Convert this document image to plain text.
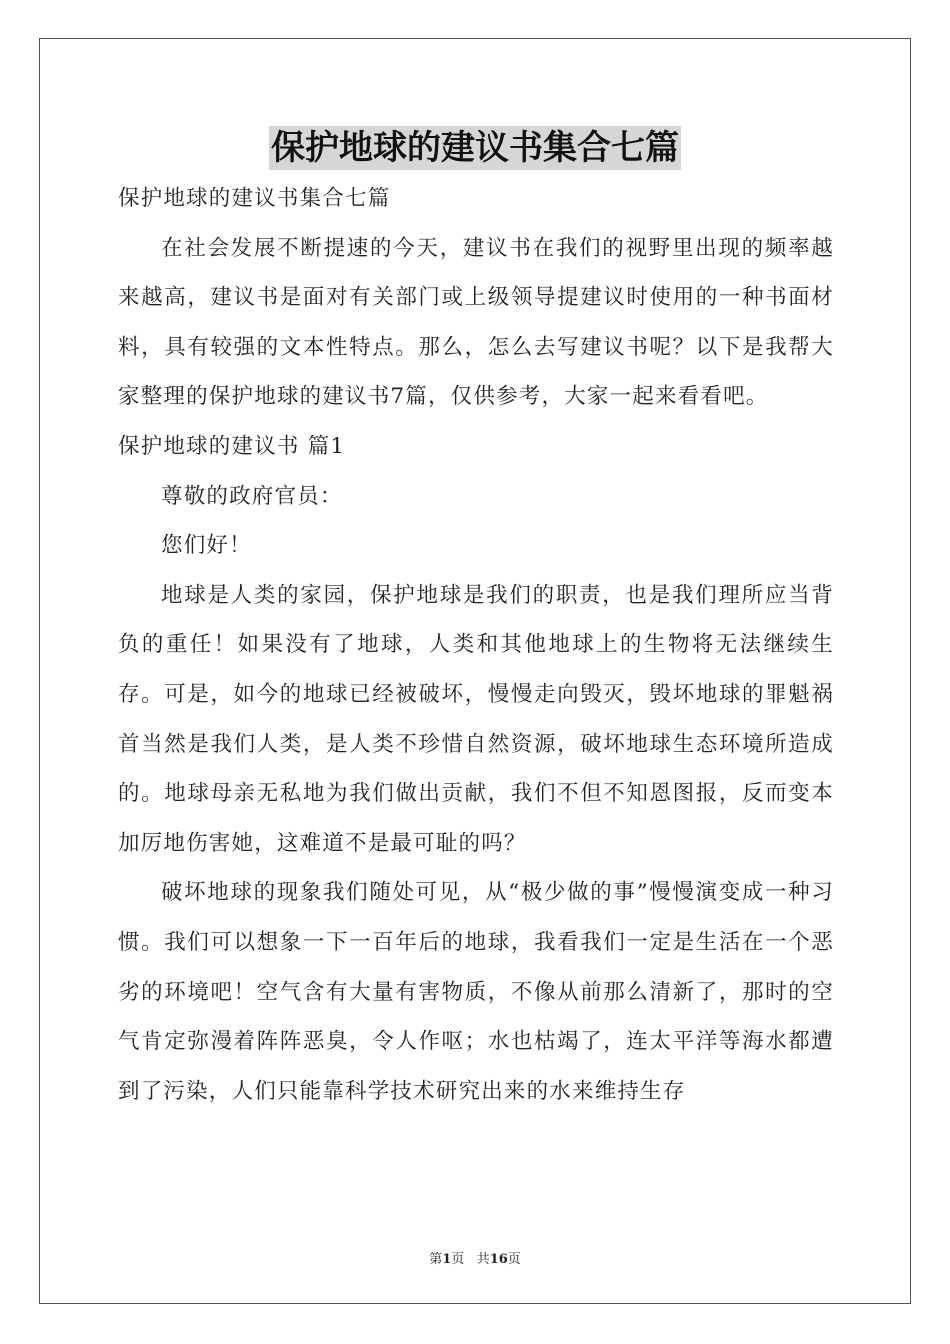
保护地球的建议书集合七篇

保护地球的建议书集合七篇

在社会发展不断提速的今天，建议书在我们的视野里出现的频率越来越高，建议书是面对有关部门或上级领导提建议时使用的一种书面材料，具有较强的文本性特点。那么，怎么去写建议书呢？以下是我帮大家整理的保护地球的建议书7篇，仅供参考，大家一起来看看吧。

保护地球的建议书 篇1

尊敬的政府官员：

您们好！

地球是人类的家园，保护地球是我们的职责，也是我们理所应当背负的重任！如果没有了地球，人类和其他地球上的生物将无法继续生存。可是，如今的地球已经被破坏，慢慢走向毁灭，毁坏地球的罪魁祸首当然是我们人类，是人类不珍惜自然资源，破坏地球生态环境所造成的。地球母亲无私地为我们做出贡献，我们不但不知恩图报，反而变本加厉地伤害她，这难道不是最可耻的吗？

破坏地球的现象我们随处可见，从“极少做的事”慢慢演变成一种习惯。我们可以想象一下一百年后的地球，我看我们一定是生活在一个恶劣的环境吧！空气含有大量有害物质，不像从前那么清新了，那时的空气肯定弥漫着阵阵恶臭，令人作呕；水也枯竭了，连太平洋等海水都遭到了污染，人们只能靠科学技术研究出来的水来维持生存

第1页 共16页
